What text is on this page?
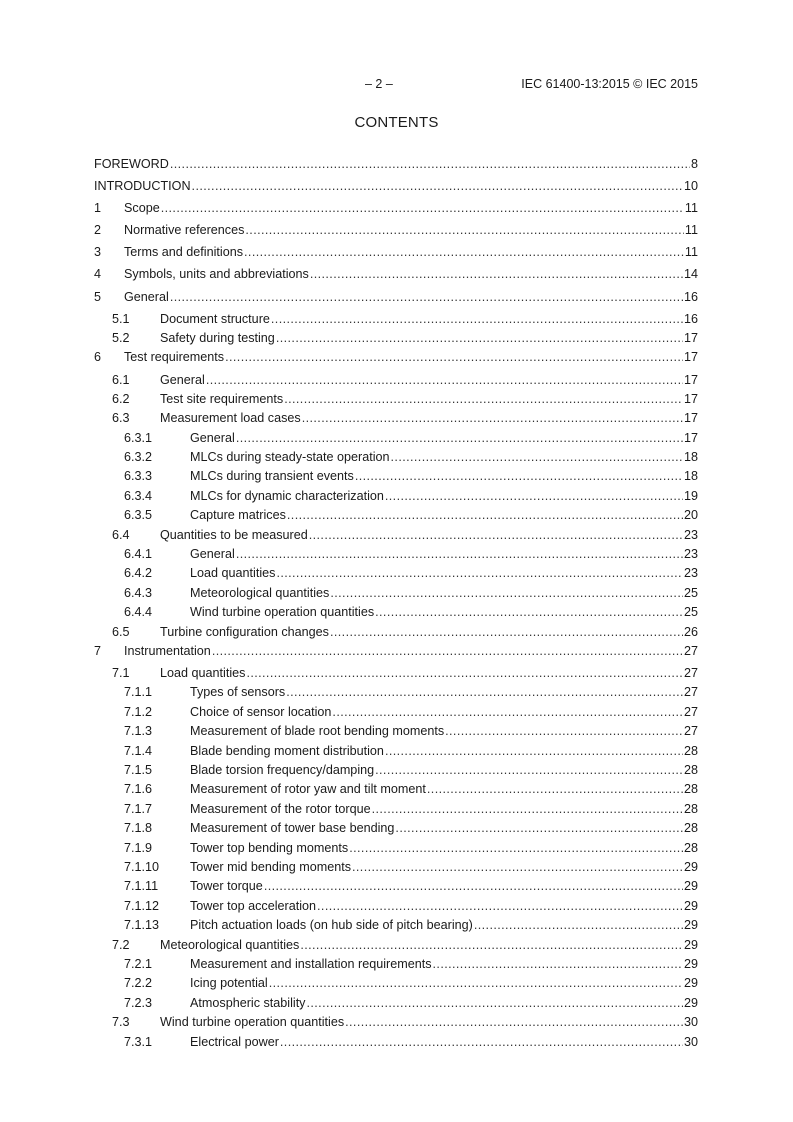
– 2 –	IEC 61400-13:2015 © IEC 2015
CONTENTS
FOREWORD .....	8
INTRODUCTION .....	10
1	Scope .....	11
2	Normative references .....	11
3	Terms and definitions .....	11
4	Symbols, units and abbreviations .....	14
5	General .....	16
5.1	Document structure .....	16
5.2	Safety during testing .....	17
6	Test requirements .....	17
6.1	General .....	17
6.2	Test site requirements .....	17
6.3	Measurement load cases .....	17
6.3.1	General .....	17
6.3.2	MLCs during steady-state operation .....	18
6.3.3	MLCs during transient events .....	18
6.3.4	MLCs for dynamic characterization .....	19
6.3.5	Capture matrices .....	20
6.4	Quantities to be measured .....	23
6.4.1	General .....	23
6.4.2	Load quantities .....	23
6.4.3	Meteorological quantities .....	25
6.4.4	Wind turbine operation quantities .....	25
6.5	Turbine configuration changes .....	26
7	Instrumentation .....	27
7.1	Load quantities .....	27
7.1.1	Types of sensors .....	27
7.1.2	Choice of sensor location .....	27
7.1.3	Measurement of blade root bending moments .....	27
7.1.4	Blade bending moment distribution .....	28
7.1.5	Blade torsion frequency/damping .....	28
7.1.6	Measurement of rotor yaw and tilt moment .....	28
7.1.7	Measurement of the rotor torque .....	28
7.1.8	Measurement of tower base bending .....	28
7.1.9	Tower top bending moments .....	28
7.1.10	Tower mid bending moments .....	29
7.1.11	Tower torque .....	29
7.1.12	Tower top acceleration .....	29
7.1.13	Pitch actuation loads (on hub side of pitch bearing) .....	29
7.2	Meteorological quantities .....	29
7.2.1	Measurement and installation requirements .....	29
7.2.2	Icing potential .....	29
7.2.3	Atmospheric stability .....	29
7.3	Wind turbine operation quantities .....	30
7.3.1	Electrical power .....	30
